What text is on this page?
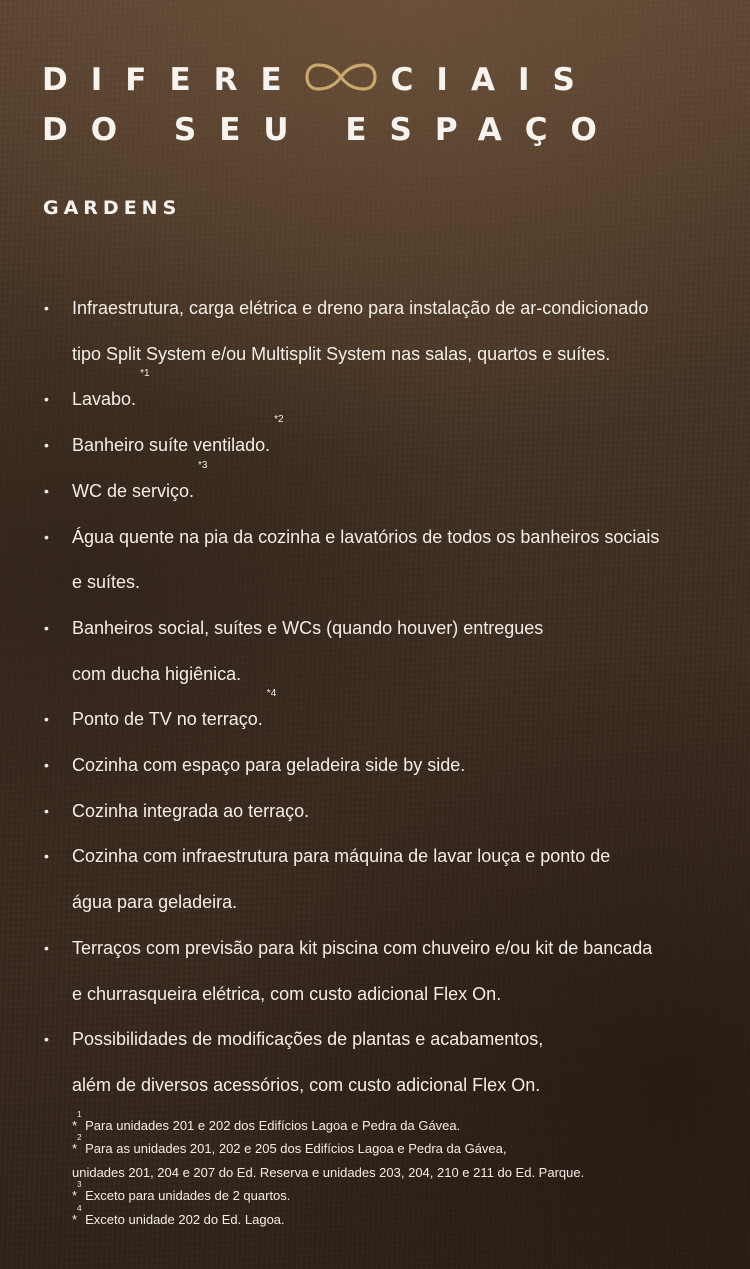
DIFERE	CIAIS
DO SEU ESPAÇO
GARDENS
• Infraestrutura, carga elétrica e dreno para instalação de ar-condicionado
tipo Split System e/ou Multisplit System nas salas, quartos e suítes.
• Lavabo.$^{*1}$
• Banheiro suíte ventilado.$^{*2}$
• WC de serviço.$^{*3}$
• Água quente na pia da cozinha e lavatórios de todos os banheiros sociais
e suítes.
• Banheiros social, suítes e WCs (quando houver) entregues
com ducha higiênica.
• Ponto de TV no terraço.$^{*4}$
• Cozinha com espaço para geladeira side by side.
• Cozinha integrada ao terraço.
• Cozinha com infraestrutura para máquina de lavar louça e ponto de
água para geladeira.
• Terraços com previsão para kit piscina com chuveiro e/ou kit de bancada
e churrasqueira elétrica, com custo adicional Flex On.
• Possibilidades de modificações de plantas e acabamentos,
além de diversos acessórios, com custo adicional Flex On.
*$^1$ Para unidades 201 e 202 dos Edifícios Lagoa e Pedra da Gávea.
*$^2$ Para as unidades 201, 202 e 205 dos Edifícios Lagoa e Pedra da Gávea,
unidades 201, 204 e 207 do Ed. Reserva e unidades 203, 204, 210 e 211 do Ed. Parque.
*$^3$ Exceto para unidades de 2 quartos.
*$^4$ Exceto unidade 202 do Ed. Lagoa.
